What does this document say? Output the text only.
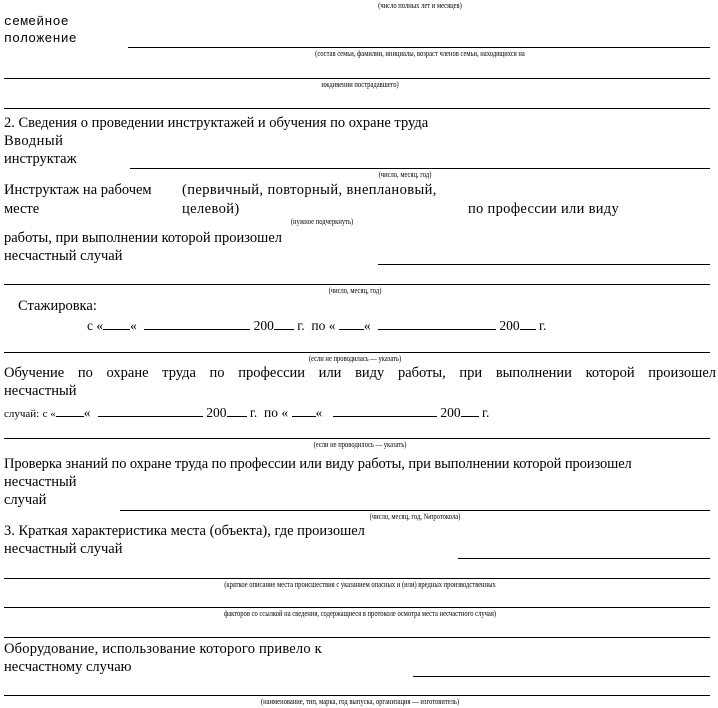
(число полных лет и месяцев)
семейное
положение
(состав семьи, фамилии, инициалы, возраст членов семьи, находящихся на
иждивении пострадавшего)
2. Сведения о проведении инструктажей и обучения по охране труда
Вводный
инструктаж
(число, месяц, год)
Инструктаж на рабочем
месте
(первичный, повторный, внеплановый,
целевой)	по профессии или виду
(нужное подчеркнуть)
работы, при выполнении которой произошел
несчастный случай
(число, месяц, год)
Стажировка:
с « «	200 г. по « «	200 г.
(если не проводилась — указать)
Обучение по охране труда по профессии или виду работы, при выполнении которой произошел
несчастный
случай: с « «	200 г. по « «	200 г.
(если не проводилось — указать)
Проверка знаний по охране труда по профессии или виду работы, при выполнении которой произошел
несчастный
случай
(число, месяц, год, №протокола)
3. Краткая характеристика места (объекта), где произошел
несчастный случай
(краткое описание места происшествия с указанием опасных и (или) вредных производственных
факторов со ссылкой на сведения, содержащиеся в протоколе осмотра места несчастного случая)
Оборудование, использование которого привело к
несчастному случаю
(наименование, тип, марка, год выпуска, организация — изготовитель)
